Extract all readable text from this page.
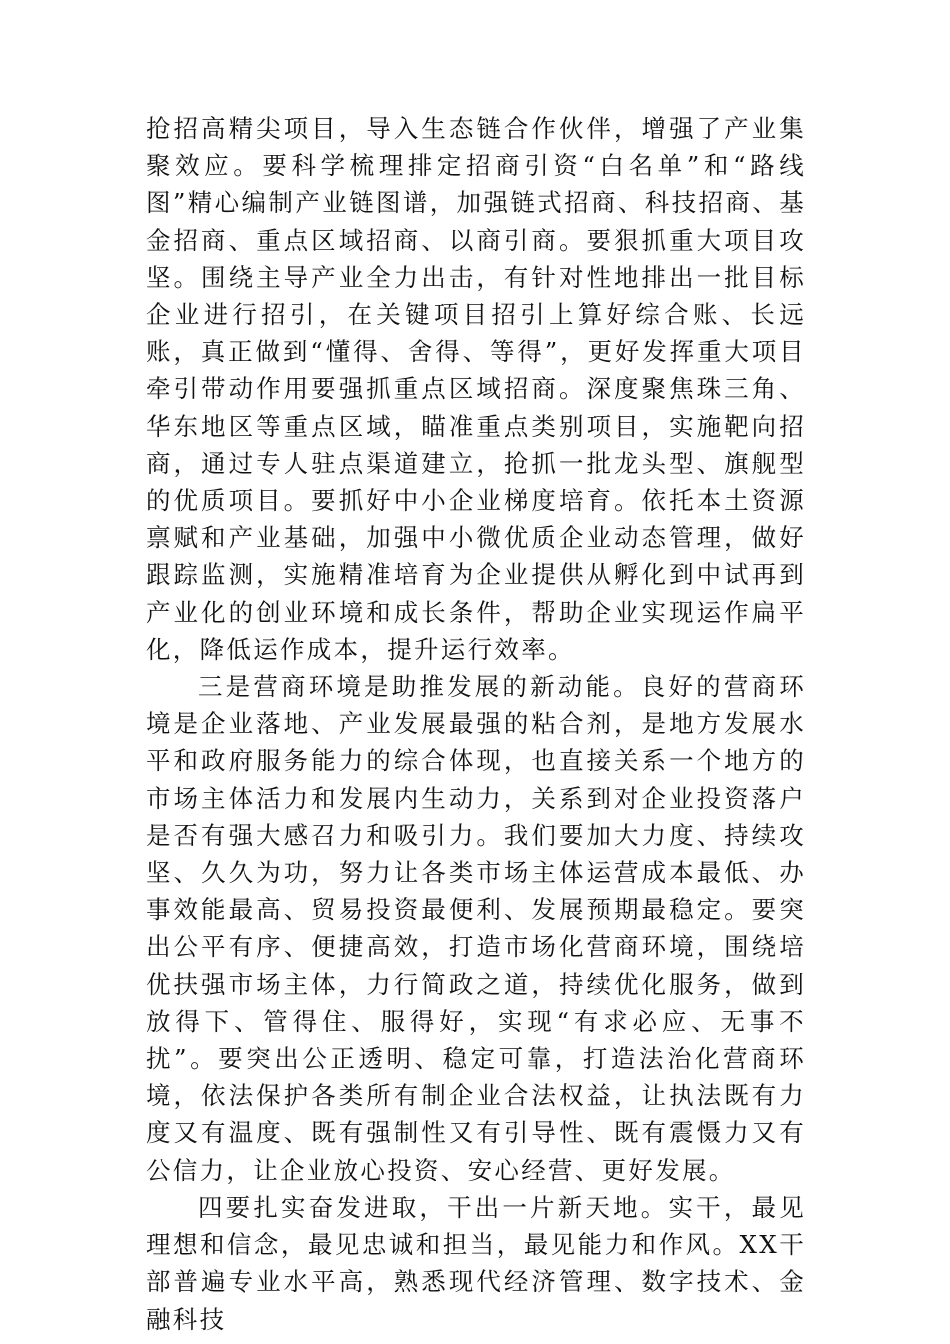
抢招高精尖项目，导入生态链合作伙伴，增强了产业集聚效应。要科学梳理排定招商引资“白名单”和“路线图”精心编制产业链图谱，加强链式招商、科技招商、基金招商、重点区域招商、以商引商。要狠抓重大项目攻坚。围绕主导产业全力出击，有针对性地排出一批目标企业进行招引，在关键项目招引上算好综合账、长远账，真正做到“懂得、舍得、等得”，更好发挥重大项目牵引带动作用要强抓重点区域招商。深度聚焦珠三角、华东地区等重点区域，瞄准重点类别项目，实施靶向招商，通过专人驻点渠道建立，抢抓一批龙头型、旗舰型的优质项目。要抓好中小企业梯度培育。依托本土资源禀赋和产业基础，加强中小微优质企业动态管理，做好跟踪监测，实施精准培育为企业提供从孵化到中试再到产业化的创业环境和成长条件，帮助企业实现运作扁平化，降低运作成本，提升运行效率。

三是营商环境是助推发展的新动能。良好的营商环境是企业落地、产业发展最强的粘合剂，是地方发展水平和政府服务能力的综合体现，也直接关系一个地方的市场主体活力和发展内生动力，关系到对企业投资落户是否有强大感召力和吸引力。我们要加大力度、持续攻坚、久久为功，努力让各类市场主体运营成本最低、办事效能最高、贸易投资最便利、发展预期最稳定。要突出公平有序、便捷高效，打造市场化营商环境，围绕培优扶强市场主体，力行简政之道，持续优化服务，做到放得下、管得住、服得好，实现“有求必应、无事不扰”。要突出公正透明、稳定可靠，打造法治化营商环境，依法保护各类所有制企业合法权益，让执法既有力度又有温度、既有强制性又有引导性、既有震慑力又有公信力，让企业放心投资、安心经营、更好发展。

四要扎实奋发进取，干出一片新天地。实干，最见理想和信念，最见忠诚和担当，最见能力和作风。XX干部普遍专业水平高，熟悉现代经济管理、数字技术、金融科技
